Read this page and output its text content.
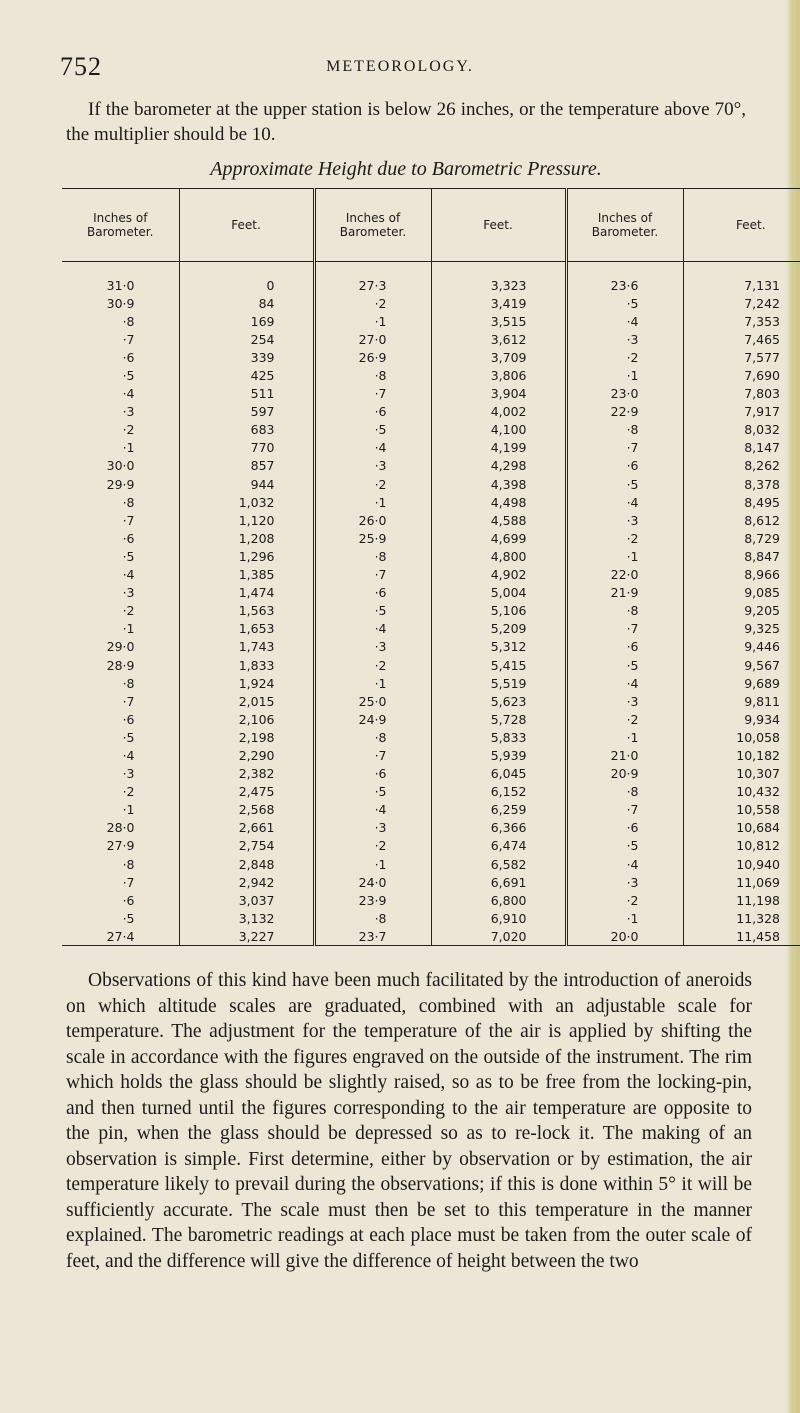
752	METEOROLOGY.
If the barometer at the upper station is below 26 inches, or the temperature above 70°, the multiplier should be 10.
Approximate Height due to Barometric Pressure.
Inches of Barometer.	Feet.	Inches of Barometer.	Feet.	Inches of Barometer.	Feet.

31·0	0	27·3	3,323	23·6	7,131
30·9	84	·2	3,419	·5	7,242
·8	169	·1	3,515	·4	7,353
·7	254	27·0	3,612	·3	7,465
·6	339	26·9	3,709	·2	7,577
·5	425	·8	3,806	·1	7,690
·4	511	·7	3,904	23·0	7,803
·3	597	·6	4,002	22·9	7,917
·2	683	·5	4,100	·8	8,032
·1	770	·4	4,199	·7	8,147
30·0	857	·3	4,298	·6	8,262
29·9	944	·2	4,398	·5	8,378
·8	1,032	·1	4,498	·4	8,495
·7	1,120	26·0	4,588	·3	8,612
·6	1,208	25·9	4,699	·2	8,729
·5	1,296	·8	4,800	·1	8,847
·4	1,385	·7	4,902	22·0	8,966
·3	1,474	·6	5,004	21·9	9,085
·2	1,563	·5	5,106	·8	9,205
·1	1,653	·4	5,209	·7	9,325
29·0	1,743	·3	5,312	·6	9,446
28·9	1,833	·2	5,415	·5	9,567
·8	1,924	·1	5,519	·4	9,689
·7	2,015	25·0	5,623	·3	9,811
·6	2,106	24·9	5,728	·2	9,934
·5	2,198	·8	5,833	·1	10,058
·4	2,290	·7	5,939	21·0	10,182
·3	2,382	·6	6,045	20·9	10,307
·2	2,475	·5	6,152	·8	10,432
·1	2,568	·4	6,259	·7	10,558
28·0	2,661	·3	6,366	·6	10,684
27·9	2,754	·2	6,474	·5	10,812
·8	2,848	·1	6,582	·4	10,940
·7	2,942	24·0	6,691	·3	11,069
·6	3,037	23·9	6,800	·2	11,198
·5	3,132	·8	6,910	·1	11,328
27·4	3,227	23·7	7,020	20·0	11,458

Observations of this kind have been much facilitated by the introduction of aneroids on which altitude scales are graduated, combined with an adjustable scale for temperature. The adjustment for the temperature of the air is applied by shifting the scale in accordance with the figures engraved on the outside of the instrument. The rim which holds the glass should be slightly raised, so as to be free from the locking-pin, and then turned until the figures corresponding to the air temperature are opposite to the pin, when the glass should be depressed so as to re-lock it. The making of an observation is simple. First determine, either by observation or by estimation, the air temperature likely to prevail during the observations; if this is done within 5° it will be sufficiently accurate. The scale must then be set to this temperature in the manner explained. The barometric readings at each place must be taken from the outer scale of feet, and the difference will give the difference of height between the two
